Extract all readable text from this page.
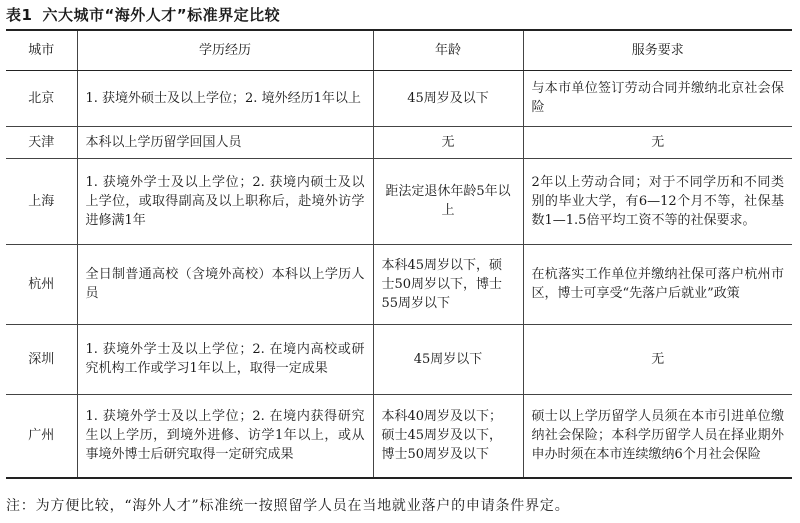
表1 六大城市“海外人才”标准界定比较
城市	学历经历	年龄	服务要求
北京	1. 获境外硕士及以上学位；2. 境外经历1年以上	45周岁及以下	与本市单位签订劳动合同并缴纳北京社会保险
天津	本科以上学历留学回国人员	无	无
上海	1. 获境外学士及以上学位；2. 获境内硕士及以上学位，或取得副高及以上职称后，赴境外访学进修满1年	距法定退休年龄5年以上	2年以上劳动合同；对于不同学历和不同类别的毕业大学，有6—12个月不等，社保基数1—1.5倍平均工资不等的社保要求。
杭州	全日制普通高校（含境外高校）本科以上学历人员	本科45周岁以下，硕士50周岁以下，博士55周岁以下	在杭落实工作单位并缴纳社保可落户杭州市区，博士可享受“先落户后就业”政策
深圳	1. 获境外学士及以上学位；2. 在境内高校或研究机构工作或学习1年以上，取得一定成果	45周岁以下	无
广州	1. 获境外学士及以上学位；2. 在境内获得研究生以上学历，到境外进修、访学1年以上，或从事境外博士后研究取得一定研究成果	本科40周岁及以下；硕士45周岁及以下，博士50周岁及以下	硕士以上学历留学人员须在本市引进单位缴纳社会保险；本科学历留学人员在择业期外申办时须在本市连续缴纳6个月社会保险
注：为方便比较，“海外人才”标准统一按照留学人员在当地就业落户的申请条件界定。
